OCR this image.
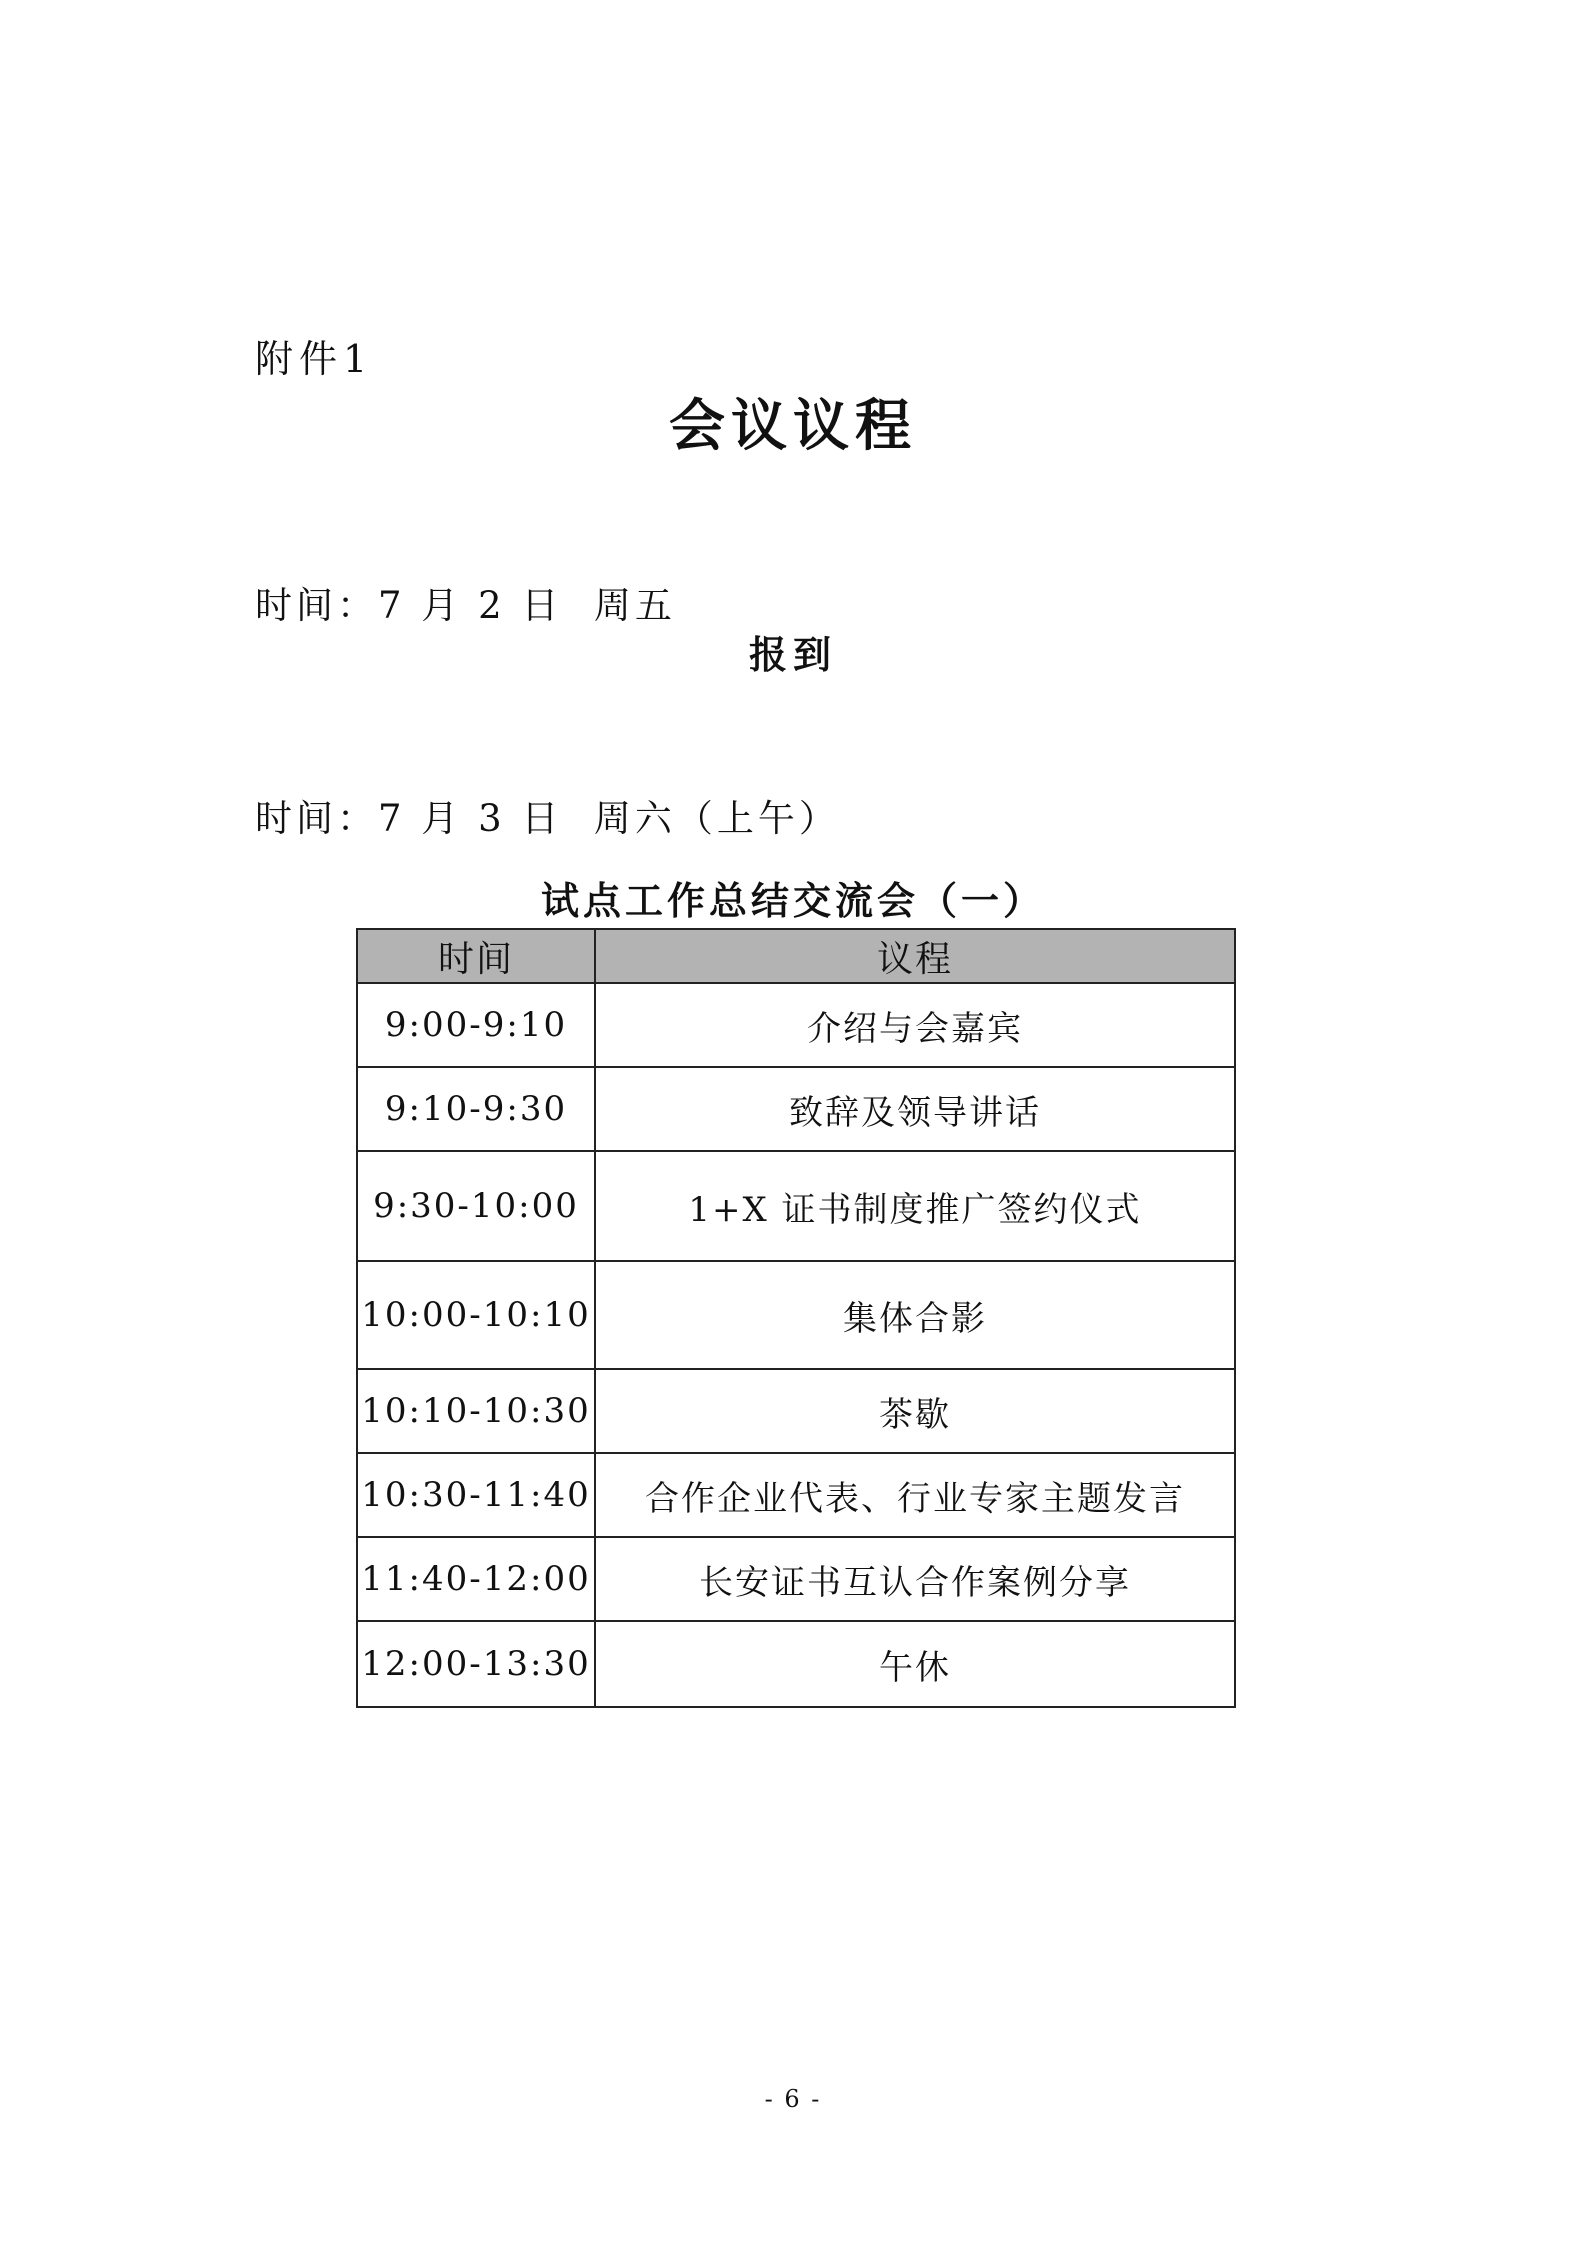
附件1
会议议程
时间：7 月 2 日  周五
报到
时间：7 月 3 日  周六（上午）
试点工作总结交流会（一）
时间	议程
9:00-9:10	介绍与会嘉宾
9:10-9:30	致辞及领导讲话
9:30-10:00	1+X 证书制度推广签约仪式
10:00-10:10	集体合影
10:10-10:30	茶歇
10:30-11:40	合作企业代表、行业专家主题发言
11:40-12:00	长安证书互认合作案例分享
12:00-13:30	午休
- 6 -
